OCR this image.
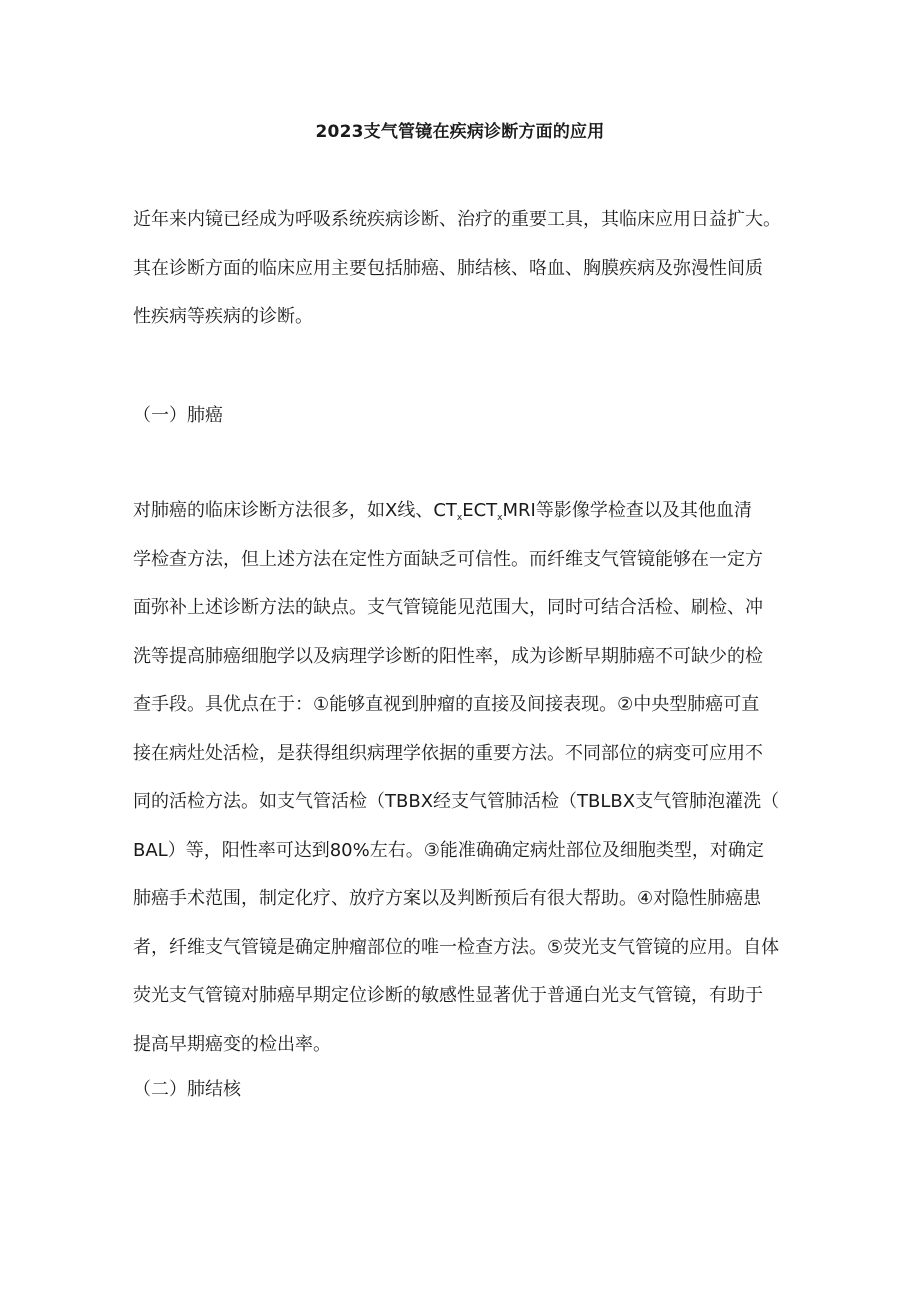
2023支气管镜在疾病诊断方面的应用

近年来内镜已经成为呼吸系统疾病诊断、治疗的重要工具，其临床应用日益扩大。
其在诊断方面的临床应用主要包括肺癌、肺结核、咯血、胸膜疾病及弥漫性间质
性疾病等疾病的诊断。

（一）肺癌

对肺癌的临床诊断方法很多，如X线、$CT_xECT_xMRI$等影像学检查以及其他血清
学检查方法，但上述方法在定性方面缺乏可信性。而纤维支气管镜能够在一定方
面弥补上述诊断方法的缺点。支气管镜能见范围大，同时可结合活检、刷检、冲
洗等提高肺癌细胞学以及病理学诊断的阳性率，成为诊断早期肺癌不可缺少的检
查手段。具优点在于：①能够直视到肿瘤的直接及间接表现。②中央型肺癌可直
接在病灶处活检，是获得组织病理学依据的重要方法。不同部位的病变可应用不
同的活检方法。如支气管活检（TBBX经支气管肺活检（TBLBX支气管肺泡灌洗（
BAL）等，阳性率可达到80%左右。③能准确确定病灶部位及细胞类型，对确定
肺癌手术范围，制定化疗、放疗方案以及判断预后有很大帮助。④对隐性肺癌患
者，纤维支气管镜是确定肿瘤部位的唯一检查方法。⑤荧光支气管镜的应用。自体
荧光支气管镜对肺癌早期定位诊断的敏感性显著优于普通白光支气管镜，有助于
提高早期癌变的检出率。

（二）肺结核
